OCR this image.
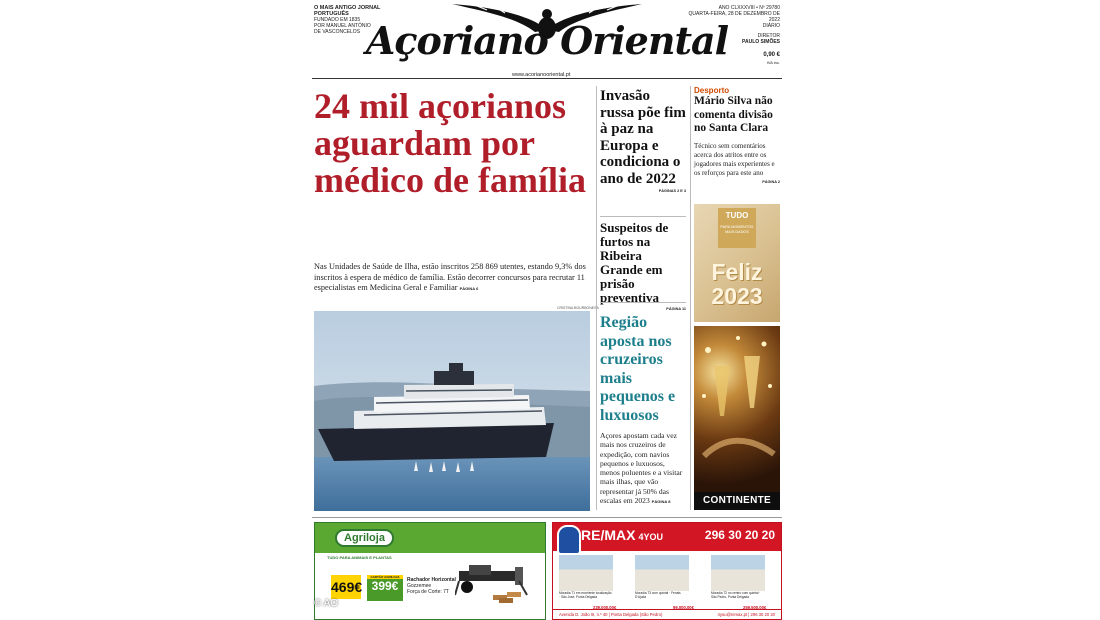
O MAIS ANTIGO JORNAL PORTUGUÊS
FUNDADO EM 1835
POR MANUEL ANTÓNIO
DE VASCONCELOS Açoriano Oriental
ANO CLXXXVIII • Nº 29780
QUARTA-FEIRA, 28 DE DEZEMBRO DE 2022
DIÁRIO
DIRETOR
PAULO SIMÕES
0,90 €
IVA inc.
www.acorianooriental.pt
24 mil açorianos aguardam por médico de família
Nas Unidades de Saúde de Ilha, estão inscritos 258 869 utentes, estando 9,3% dos inscritos à espera de médico de família. Estão decorrer concursos para recrutar 11 especialistas em Medicina Geral e Familiar PÁGINA 6
CRISTINA BOURBONESA
Invasão russa põe fim à paz na Europa e condiciona o ano de 2022
PÁGINAS 2 E 3
Suspeitos de furtos na Ribeira Grande em prisão preventiva
PÁGINA 11
Região aposta nos cruzeiros mais pequenos e luxuosos
Açores apostam cada vez mais nos cruzeiros de expedição, com navios pequenos e luxuosos, menos poluentes e a visitar mais ilhas, que vão representar já 50% das escalas em 2023 PÁGINA 8
Desporto
Mário Silva não comenta divisão no Santa Clara
Técnico sem comentários acerca dos atritos entre os jogadores mais experientes e os reforços para este ano
PÁGINA 2
TUDO
PARA MOMENTOS MAIS DADOS
Feliz
2023
CONTINENTE
Agriloja
TUDO PARA ANIMAIS E PLANTAS
469€
CARTÃO AGRILOJA
399€	Rachador Horizontal
Gozzemee
Força de Corte: 7T
RE/MAX 4YOU	296 30 20 20
Moradia T1 em excelente localização · São José, Ponta Delgada
Moradia T3 com quintal · Fenais D'Ajuda
Moradia T2 no centro com quintal · São Pedro, Ponta Delgada
239.000,00€	99.000,00€	259.500,00€
Avenida D. João III, n.º 40 | Ponta Delgada (São Pedro)	4you@remax.pt | 296 30 20 20
© AO
